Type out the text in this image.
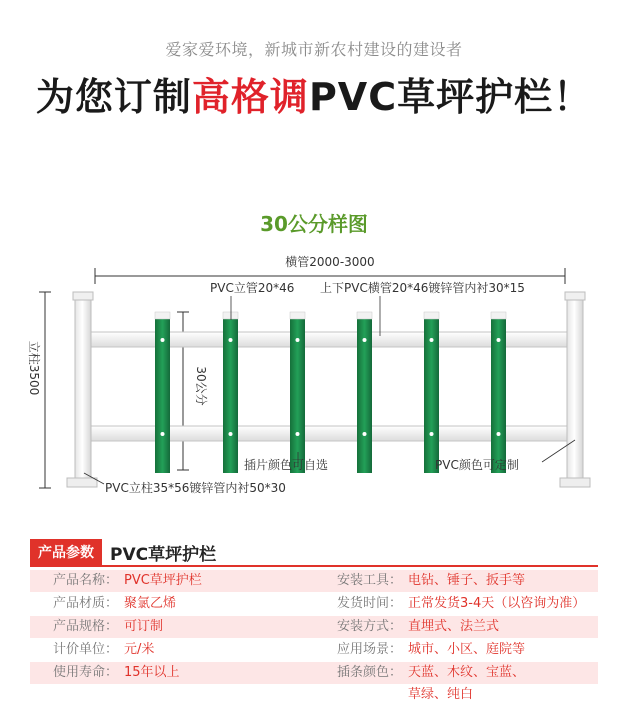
爱家爱环境，新城市新农村建设的建设者
为您订制高格调PVC草坪护栏！
30公分样图
横管2000-3000
立柱3500	30公分
PVC立管20*46 上下PVC横管20*46镀锌管内衬30*15
插片颜色可自选	PVC颜色可定制
PVC立柱35*56镀锌管内衬50*30
产品参数 PVC草坪护栏
产品名称： PVC草坪护栏	安装工具： 电钻、锤子、扳手等
产品材质： 聚氯乙烯	发货时间： 正常发货3-4天（以咨询为准）
产品规格： 可订制	安装方式： 直埋式、法兰式
计价单位： 元/米	应用场景： 城市、小区、庭院等
使用寿命： 15年以上	插条颜色： 天蓝、木纹、宝蓝、
草绿、纯白
